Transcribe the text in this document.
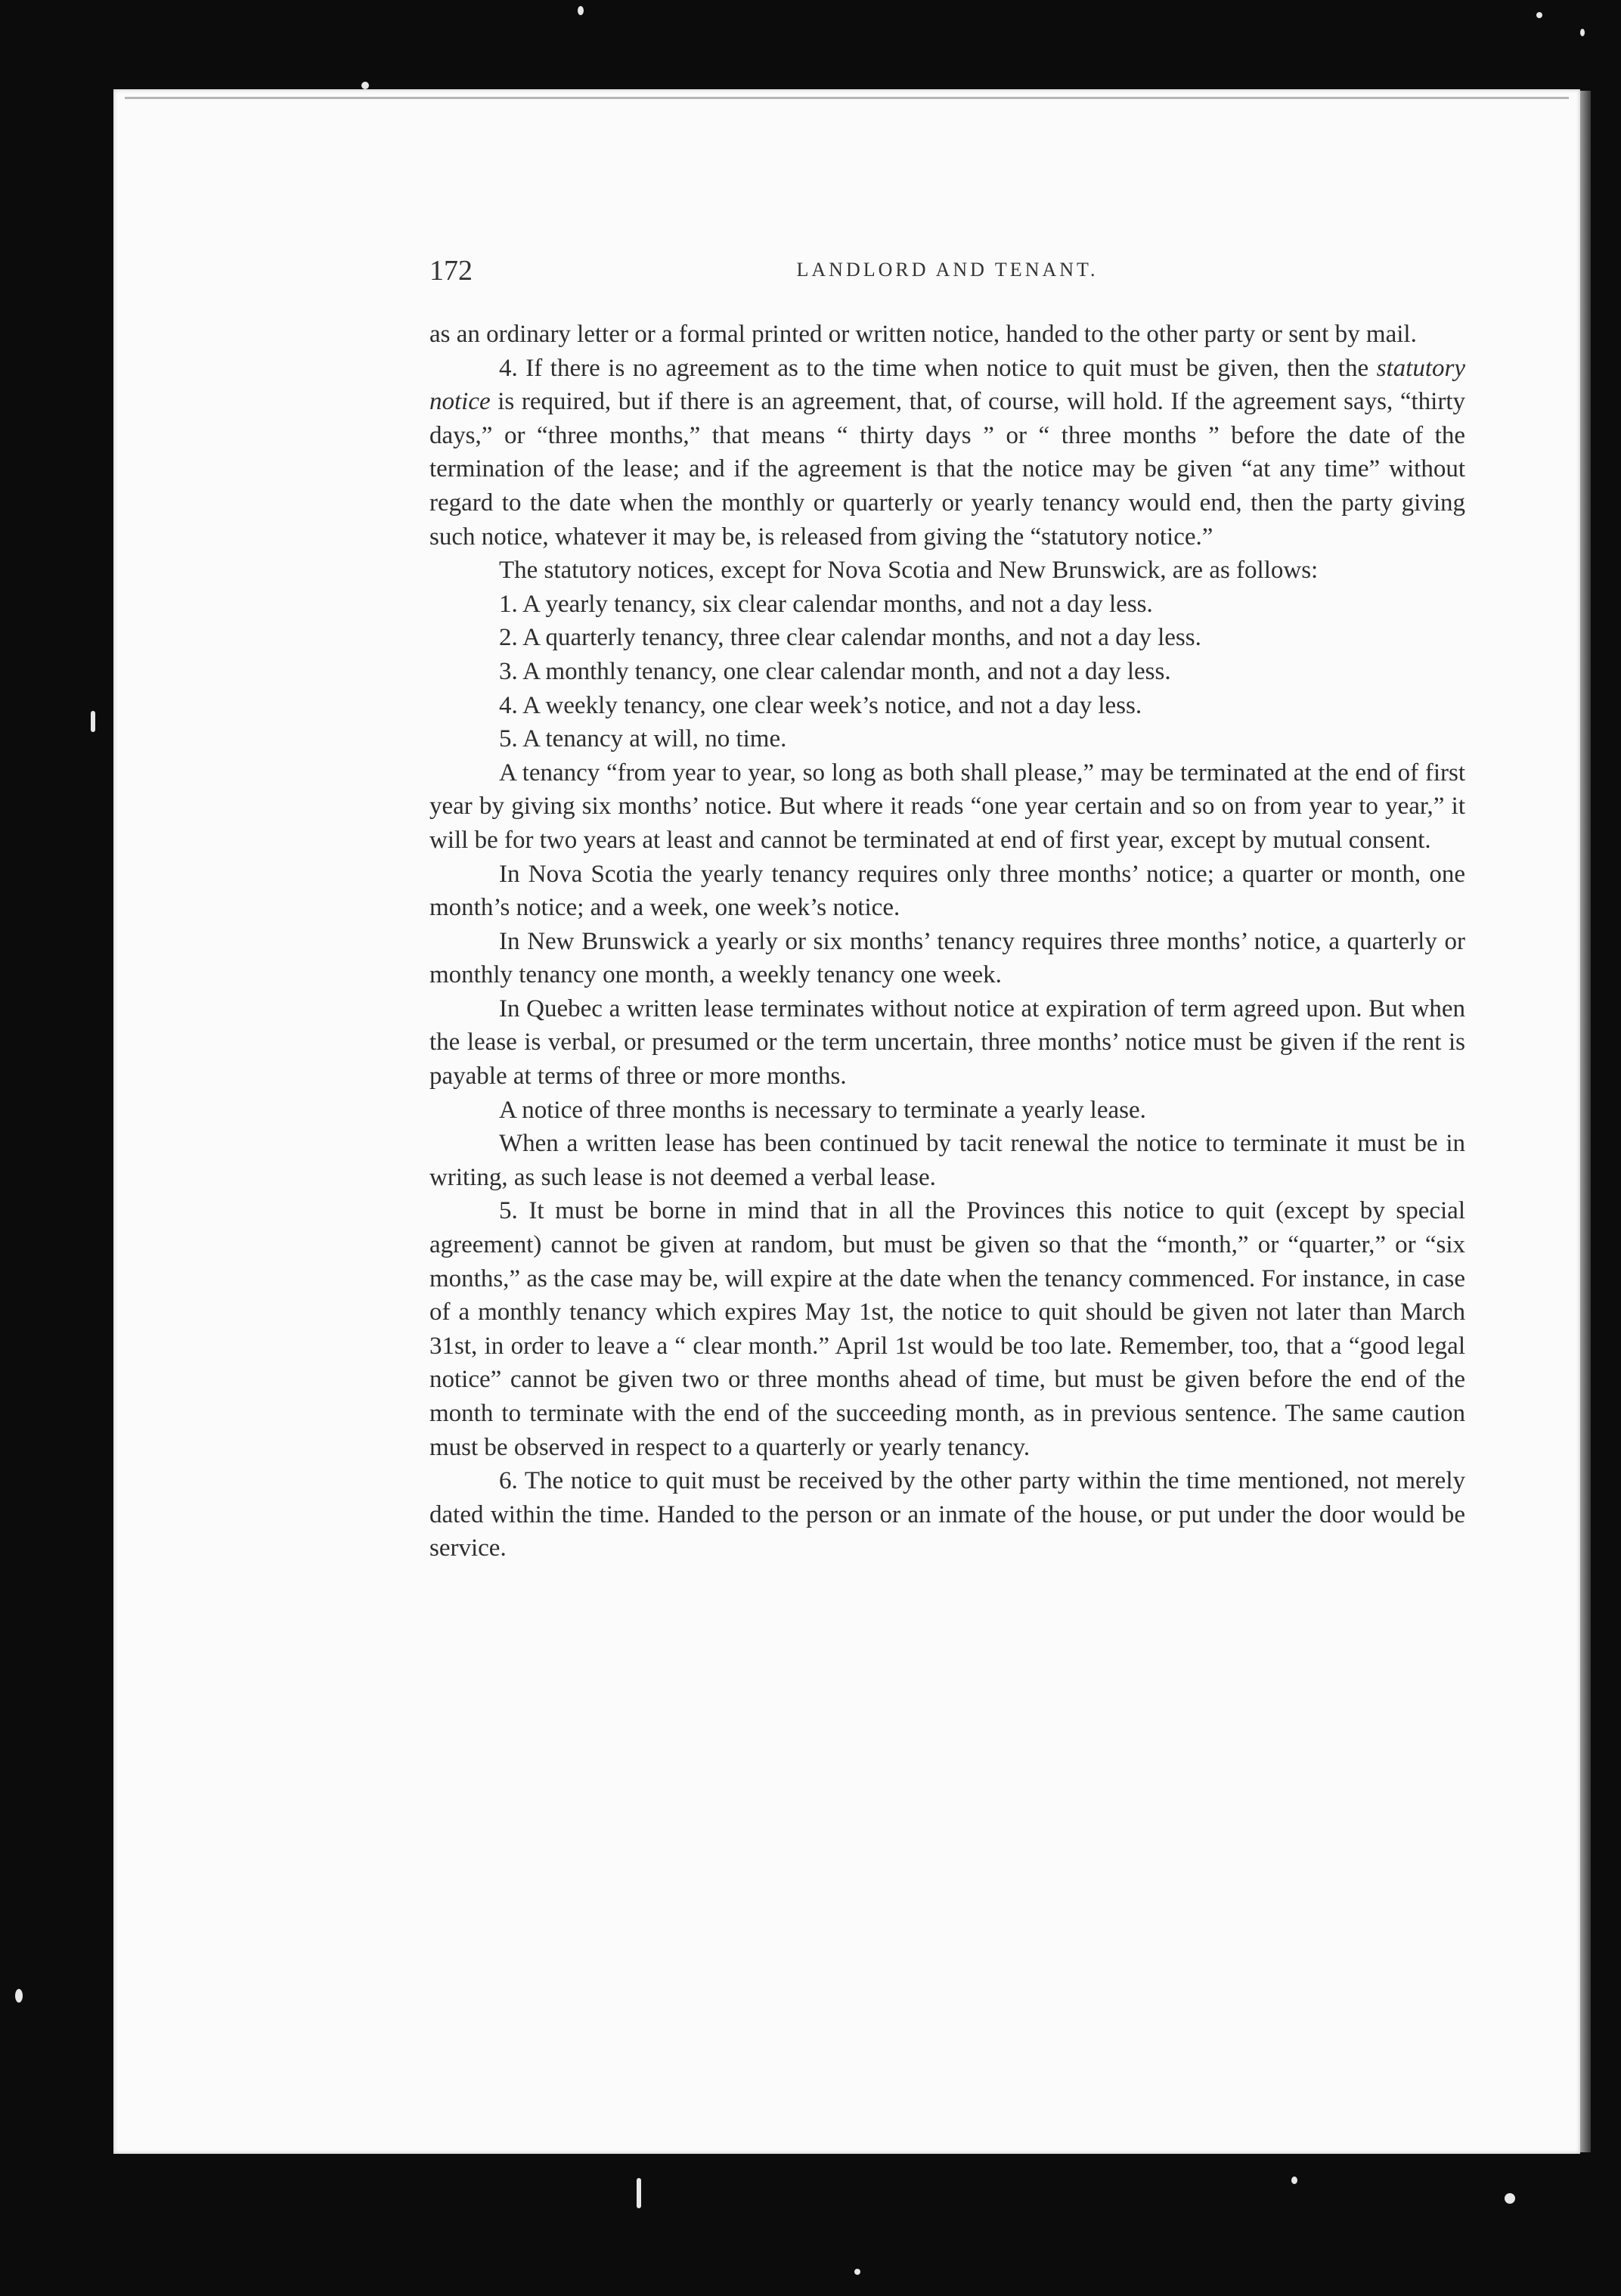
172	LANDLORD AND TENANT.

as an ordinary letter or a formal printed or written notice, handed to the other party or sent by mail.

4. If there is no agreement as to the time when notice to quit must be given, then the statutory notice is required, but if there is an agreement, that, of course, will hold. If the agreement says, “thirty days,” or “three months,” that means “ thirty days ” or “ three months ” before the date of the termination of the lease; and if the agreement is that the notice may be given “at any time” without regard to the date when the monthly or quarterly or yearly tenancy would end, then the party giving such notice, whatever it may be, is released from giving the “statutory notice.”

The statutory notices, except for Nova Scotia and New Brunswick, are as follows:

1. A yearly tenancy, six clear calendar months, and not a day less.

2. A quarterly tenancy, three clear calendar months, and not a day less.

3. A monthly tenancy, one clear calendar month, and not a day less.

4. A weekly tenancy, one clear week’s notice, and not a day less.

5. A tenancy at will, no time.

A tenancy “from year to year, so long as both shall please,” may be terminated at the end of first year by giving six months’ notice. But where it reads “one year certain and so on from year to year,” it will be for two years at least and cannot be terminated at end of first year, except by mutual consent.

In Nova Scotia the yearly tenancy requires only three months’ notice; a quarter or month, one month’s notice; and a week, one week’s notice.

In New Brunswick a yearly or six months’ tenancy requires three months’ notice, a quarterly or monthly tenancy one month, a weekly tenancy one week.

In Quebec a written lease terminates without notice at expiration of term agreed upon. But when the lease is verbal, or presumed or the term uncertain, three months’ notice must be given if the rent is payable at terms of three or more months.

A notice of three months is necessary to terminate a yearly lease.

When a written lease has been continued by tacit renewal the notice to terminate it must be in writing, as such lease is not deemed a verbal lease.

5. It must be borne in mind that in all the Provinces this notice to quit (except by special agreement) cannot be given at random, but must be given so that the “month,” or “quarter,” or “six months,” as the case may be, will expire at the date when the tenancy commenced. For instance, in case of a monthly tenancy which expires May 1st, the notice to quit should be given not later than March 31st, in order to leave a “ clear month.” April 1st would be too late. Remember, too, that a “good legal notice” cannot be given two or three months ahead of time, but must be given before the end of the month to terminate with the end of the succeeding month, as in previous sentence. The same caution must be observed in respect to a quarterly or yearly tenancy.

6. The notice to quit must be received by the other party within the time mentioned, not merely dated within the time. Handed to the person or an inmate of the house, or put under the door would be service.
